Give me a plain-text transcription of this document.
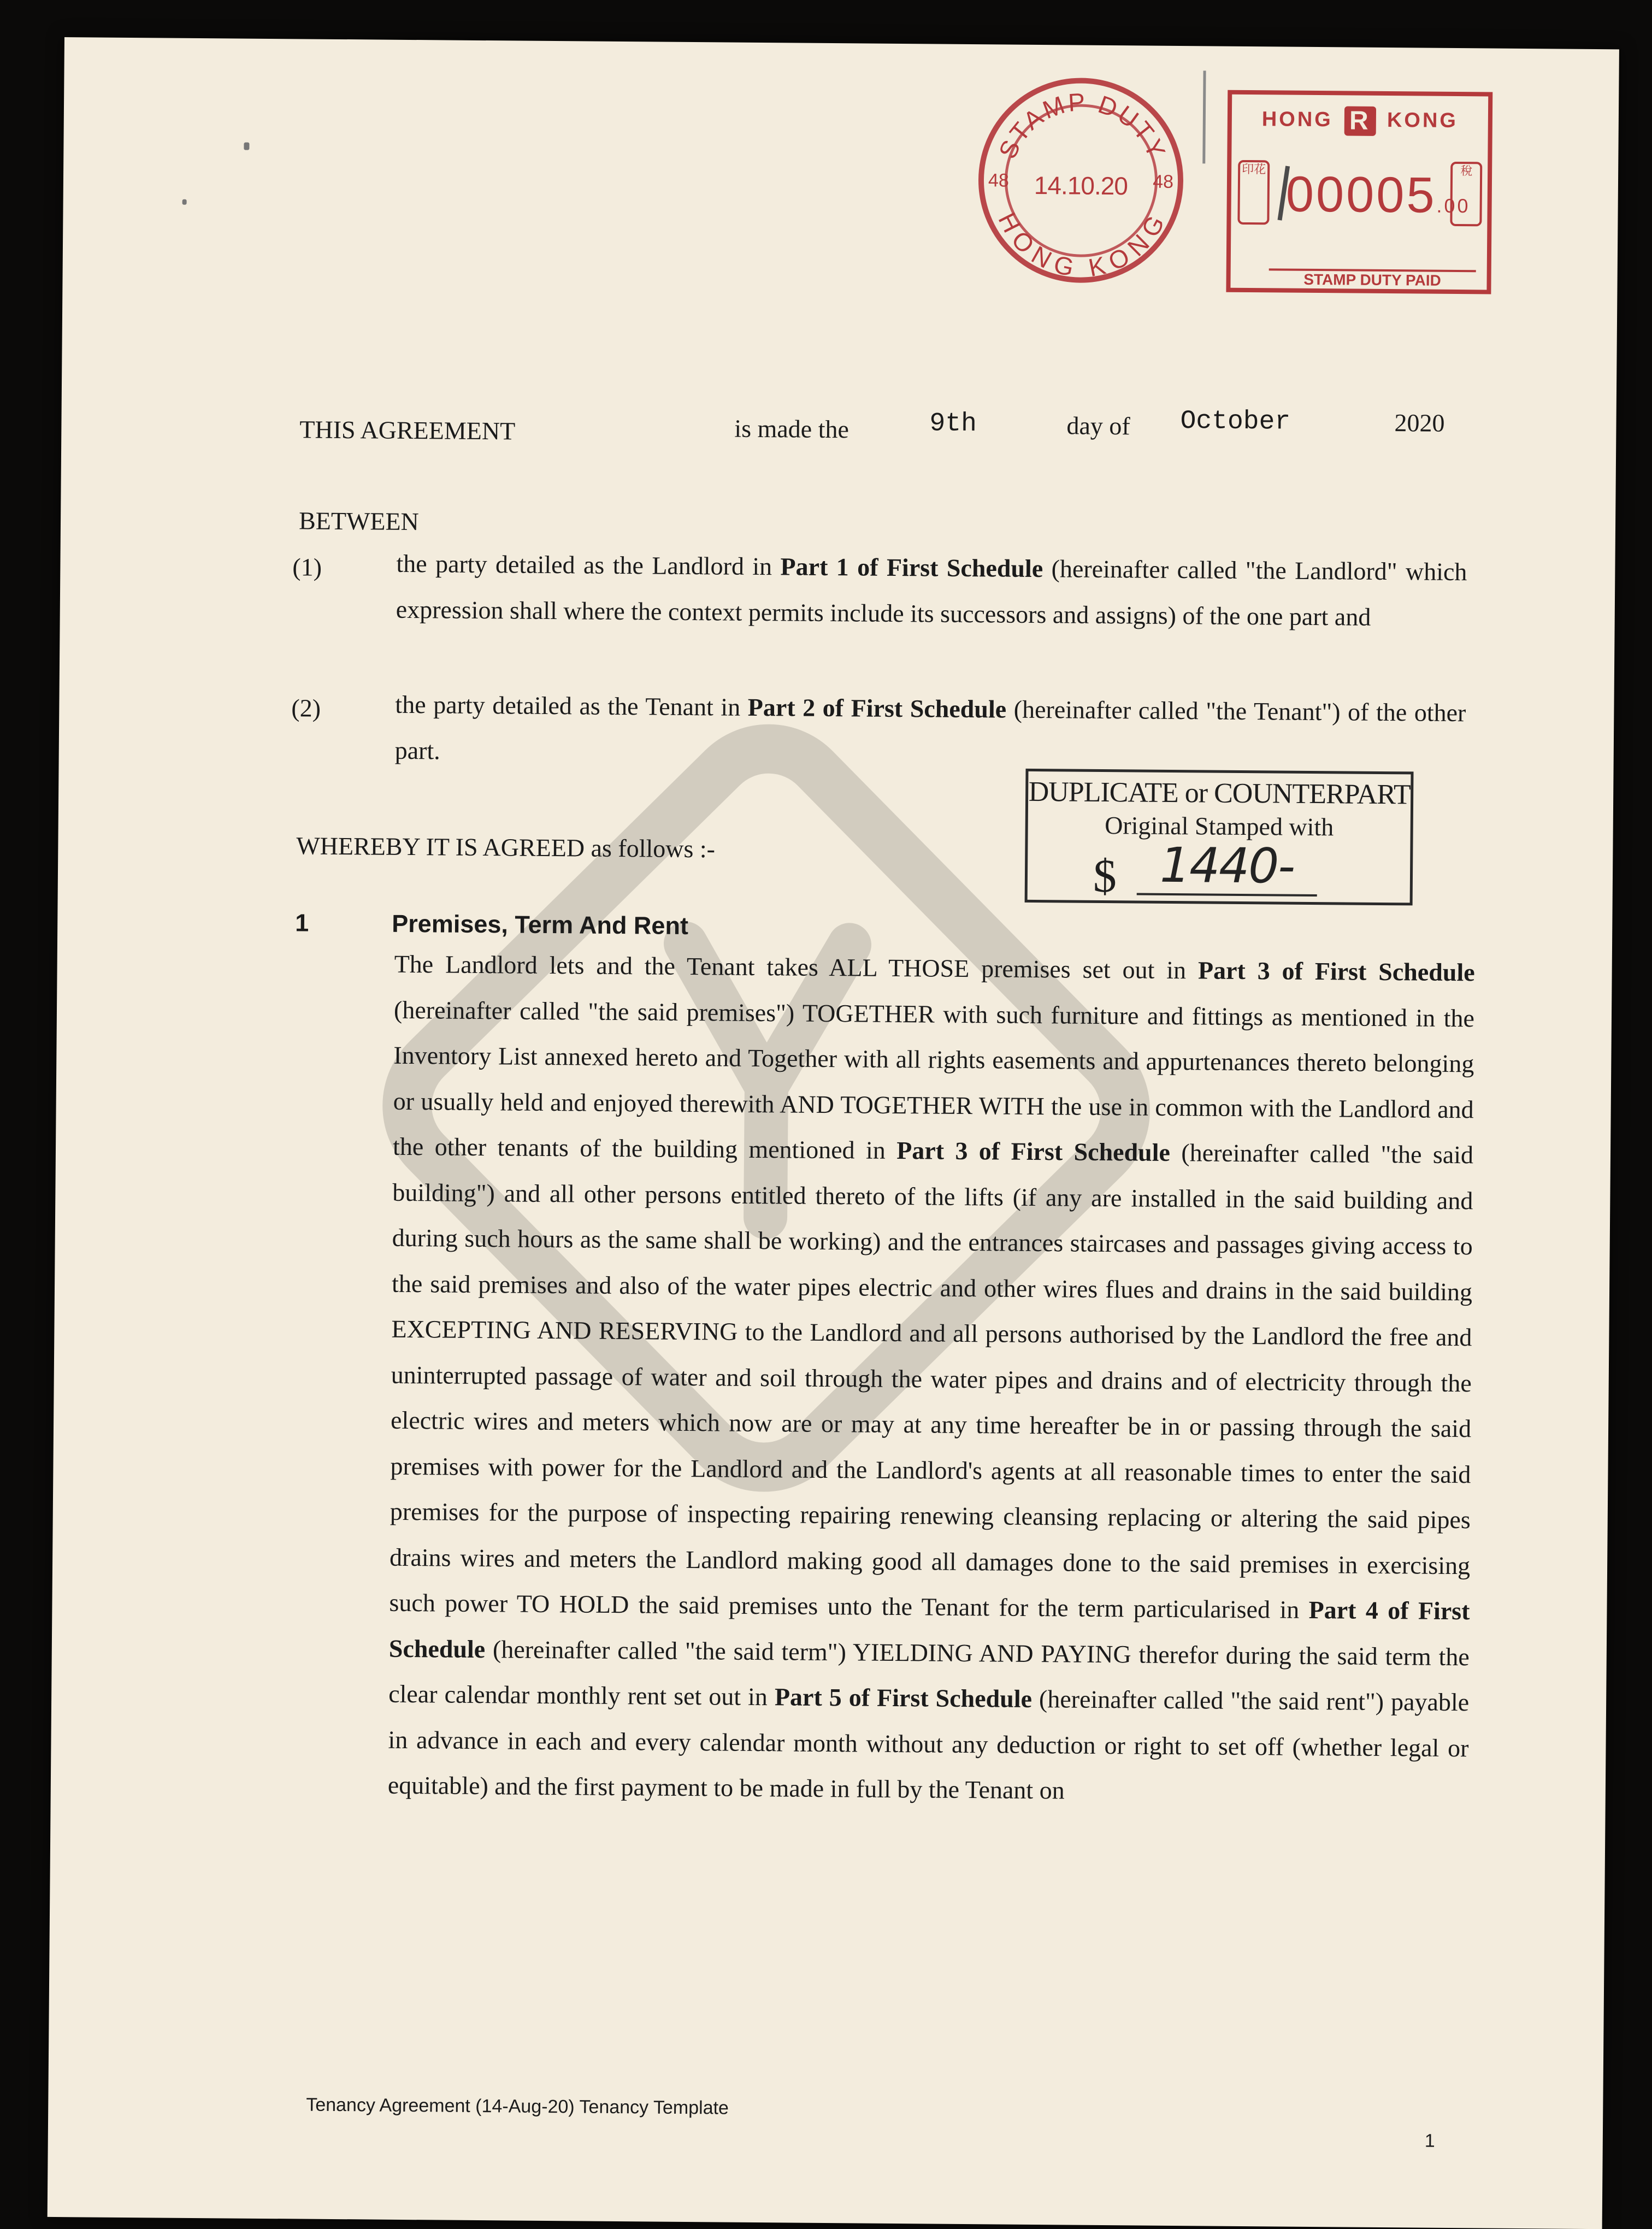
STAMP DUTY
HONG KONG
48 14.10.20	48
HONG R KONG
印花 00005.00
稅
STAMP DUTY PAID
THIS AGREEMENT	is made the	9th	day of October	2020
BETWEEN
(1)	the party detailed as the Landlord in Part 1 of First Schedule (hereinafter called "the Landlord" which expression shall where the context permits include its successors and assigns) of the one part and
(2)	the party detailed as the Tenant in Part 2 of First Schedule (hereinafter called "the Tenant") of the other part.
DUPLICATE or COUNTERPART
Original Stamped with
$ 1440-
WHEREBY IT IS AGREED as follows :-
1	Premises, Term And Rent
The Landlord lets and the Tenant takes ALL THOSE premises set out in Part 3 of First Schedule (hereinafter called "the said premises") TOGETHER with such furniture and fittings as mentioned in the Inventory List annexed hereto and Together with all rights easements and appurtenances thereto belonging or usually held and enjoyed therewith AND TOGETHER WITH the use in common with the Landlord and the other tenants of the building mentioned in Part 3 of First Schedule (hereinafter called "the said building") and all other persons entitled thereto of the lifts (if any are installed in the said building and during such hours as the same shall be working) and the entrances staircases and passages giving access to the said premises and also of the water pipes electric and other wires flues and drains in the said building EXCEPTING AND RESERVING to the Landlord and all persons authorised by the Landlord the free and uninterrupted passage of water and soil through the water pipes and drains and of electricity through the electric wires and meters which now are or may at any time hereafter be in or passing through the said premises with power for the Landlord and the Landlord's agents at all reasonable times to enter the said premises for the purpose of inspecting repairing renewing cleansing replacing or altering the said pipes drains wires and meters the Landlord making good all damages done to the said premises in exercising such power TO HOLD the said premises unto the Tenant for the term particularised in Part 4 of First Schedule (hereinafter called "the said term") YIELDING AND PAYING therefor during the said term the clear calendar monthly rent set out in Part 5 of First Schedule (hereinafter called "the said rent") payable in advance in each and every calendar month without any deduction or right to set off (whether legal or equitable) and the first payment to be made in full by the Tenant on
Tenancy Agreement (14-Aug-20) Tenancy Template
1
